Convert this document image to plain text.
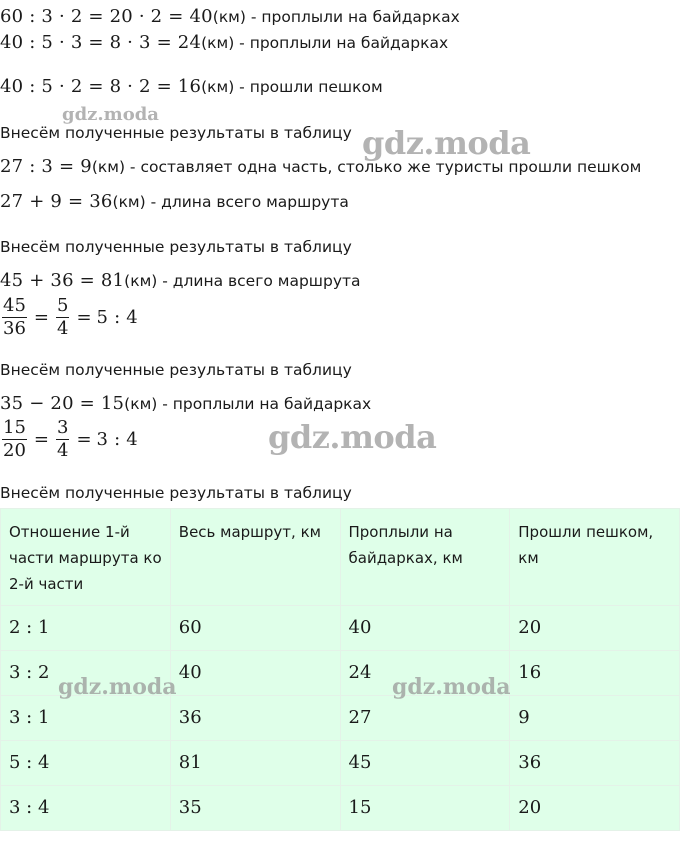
60 : 3 · 2 = 20 · 2 = 40(км) - проплыли на байдарках
40 : 5 · 3 = 8 · 3 = 24(км) - проплыли на байдарках
40 : 5 · 2 = 8 · 2 = 16(км) - прошли пешком
Внесём полученные результаты в таблицу
27 : 3 = 9(км) - составляет одна часть, столько же туристы прошли пешком
27 + 9 = 36(км) - длина всего маршрута
Внесём полученные результаты в таблицу
45 + 36 = 81(км) - длина всего маршрута
$\frac{45}{36} = \frac{5}{4} = 5$ : 4
Внесём полученные результаты в таблицу
35 − 20 = 15(км) - проплыли на байдарках
$\frac{15}{20} = \frac{3}{4} = 3$ : 4
Внесём полученные результаты в таблицу
Отношение 1-й части маршрута ко 2-й части	Весь маршрут, км	Проплыли на байдарках, км	Прошли пешком, км
2 : 1	60	40	20
3 : 2	40	24	16
3 : 1	36	27	9
5 : 4	81	45	36
3 : 4	35	15	20
gdz.moda
gdz.moda
gdz.moda
gdz.moda	gdz.moda
